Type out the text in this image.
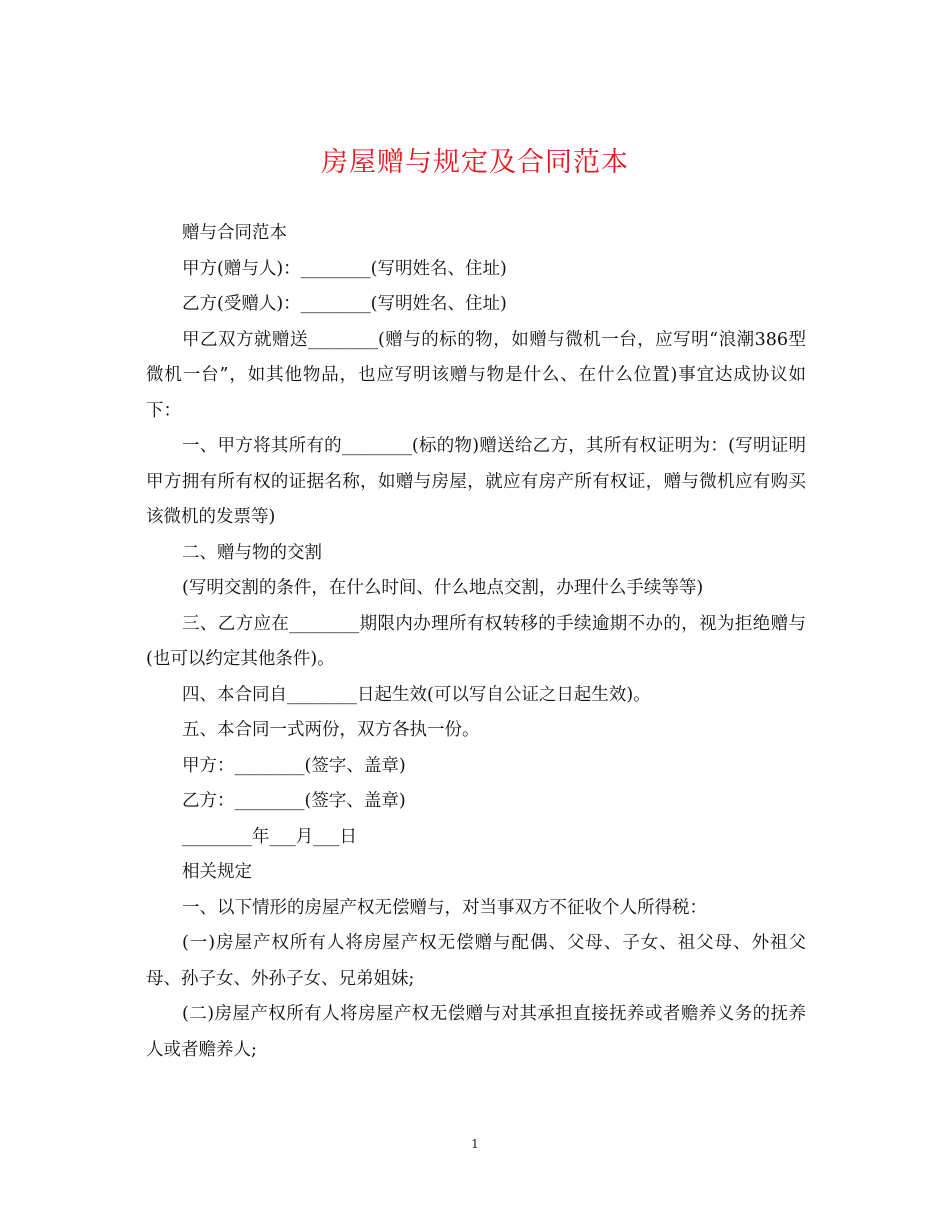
房屋赠与规定及合同范本

赠与合同范本

甲方(赠与人)：________(写明姓名、住址)

乙方(受赠人)：________(写明姓名、住址)

甲乙双方就赠送________(赠与的标的物，如赠与微机一台，应写明“浪潮386型微机一台”，如其他物品，也应写明该赠与物是什么、在什么位置)事宜达成协议如下：

一、甲方将其所有的________(标的物)赠送给乙方，其所有权证明为：(写明证明甲方拥有所有权的证据名称，如赠与房屋，就应有房产所有权证，赠与微机应有购买该微机的发票等)

二、赠与物的交割

(写明交割的条件，在什么时间、什么地点交割，办理什么手续等等)

三、乙方应在________期限内办理所有权转移的手续逾期不办的，视为拒绝赠与(也可以约定其他条件)。

四、本合同自________日起生效(可以写自公证之日起生效)。

五、本合同一式两份，双方各执一份。

甲方：________(签字、盖章)

乙方：________(签字、盖章)

________年___月___日

相关规定

一、以下情形的房屋产权无偿赠与，对当事双方不征收个人所得税：

(一)房屋产权所有人将房屋产权无偿赠与配偶、父母、子女、祖父母、外祖父母、孙子女、外孙子女、兄弟姐妹;

(二)房屋产权所有人将房屋产权无偿赠与对其承担直接抚养或者赡养义务的抚养人或者赡养人;

1
